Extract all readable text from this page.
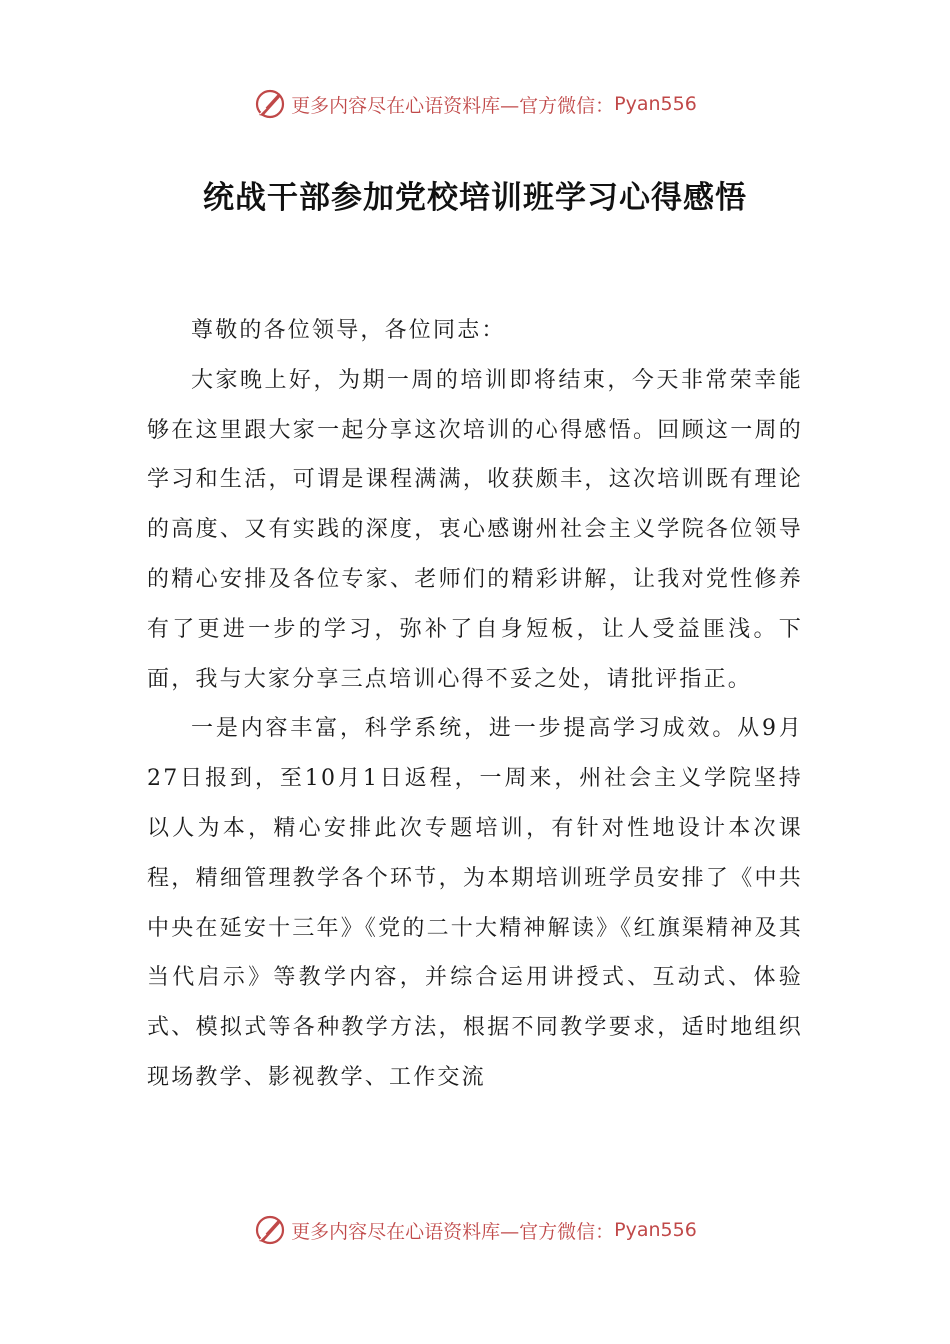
更多内容尽在心语资料库—官方微信： Pyan556
统战干部参加党校培训班学习心得感悟

尊敬的各位领导，各位同志：

大家晚上好，为期一周的培训即将结束，今天非常荣幸能够在这里跟大家一起分享这次培训的心得感悟。回顾这一周的学习和生活，可谓是课程满满，收获颇丰，这次培训既有理论的高度、又有实践的深度，衷心感谢州社会主义学院各位领导的精心安排及各位专家、老师们的精彩讲解，让我对党性修养有了更进一步的学习，弥补了自身短板，让人受益匪浅。下面，我与大家分享三点培训心得不妥之处，请批评指正。

一是内容丰富，科学系统，进一步提高学习成效。从9月27日报到，至10月1日返程，一周来，州社会主义学院坚持以人为本，精心安排此次专题培训，有针对性地设计本次课程，精细管理教学各个环节，为本期培训班学员安排了《中共中央在延安十三年》《党的二十大精神解读》《红旗渠精神及其当代启示》等教学内容，并综合运用讲授式、互动式、体验式、模拟式等各种教学方法，根据不同教学要求，适时地组织现场教学、影视教学、工作交流

更多内容尽在心语资料库—官方微信： Pyan556
